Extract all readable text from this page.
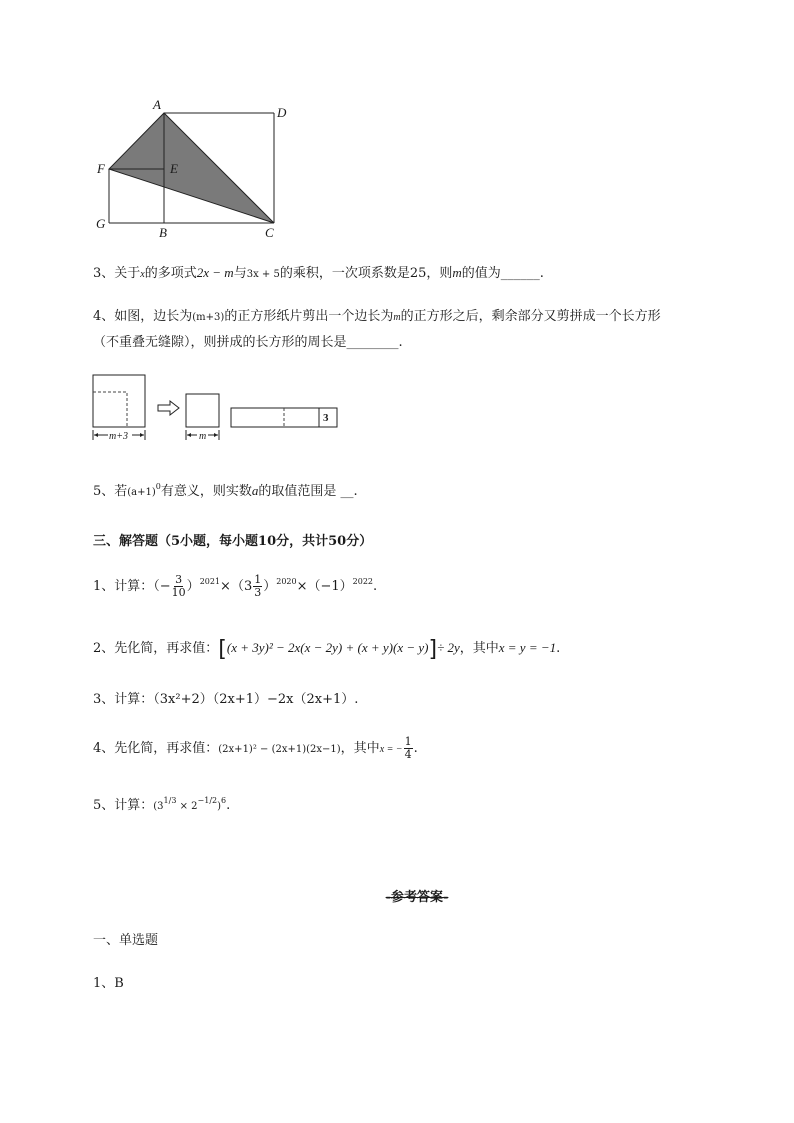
A
D
F	E
G
B	C
3、关于x的多项式2x − m与3x + 5的乘积，一次项系数是25，则m的值为______.
4、如图，边长为(m+3)的正方形纸片剪出一个边长为m的正方形之后，剩余部分又剪拼成一个长方形
（不重叠无缝隙），则拼成的长方形的周长是________.
m+3	m
3
5、若$(a+1)^0$有意义，则实数a的取值范围是 __.
三、解答题（5小题，每小题10分，共计50分）
1、计算：（− $\frac{3}{10} )^{2021}\times(3 \frac{1}{3} )^{2020}\times(-1)^{2022}$.
2、先化简，再求值：[(x + 3y)² − 2x(x − 2y) + (x + y)(x − y)]÷ 2y，其中x = y = −1.
3、计算：（3x²+2）（2x+1）−2x（2x+1）.
4、先化简，再求值：(2x+1)² − (2x+1)(2x−1)，其中x = − $\frac{1}{4}$ .
5、计算：$(3^{1/3} \times 2^{-1/2})^6$.
-参考答案-
一、单选题
1、B
